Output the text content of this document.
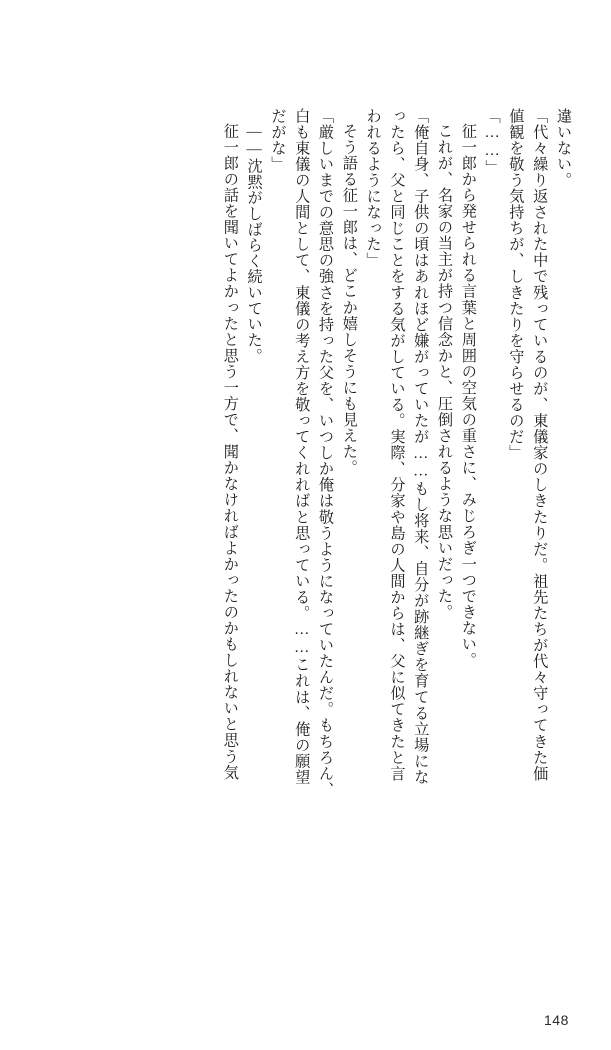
違いない。
「代々繰り返された中で残っているのが、東儀家のしきたりだ。祖先たちが代々守ってきた価
値観を敬う気持ちが、しきたりを守らせるのだ」
「……」
征一郎から発せられる言葉と周囲の空気の重さに、みじろぎ一つできない。
これが、名家の当主が持つ信念かと、圧倒されるような思いだった。
「俺自身、子供の頃はあれほど嫌がっていたが……もし将来、自分が跡継ぎを育てる立場にな
ったら、父と同じことをする気がしている。実際、分家や島の人間からは、父に似てきたと言
われるようになった」
そう語る征一郎は、どこか嬉しそうにも見えた。
「厳しいまでの意思の強さを持った父を、いつしか俺は敬うようになっていたんだ。もちろん、
白も東儀の人間として、東儀の考え方を敬ってくれればと思っている。……これは、俺の願望
だがな」
――沈黙がしばらく続いていた。
征一郎の話を聞いてよかったと思う一方で、聞かなければよかったのかもしれないと思う気
148
